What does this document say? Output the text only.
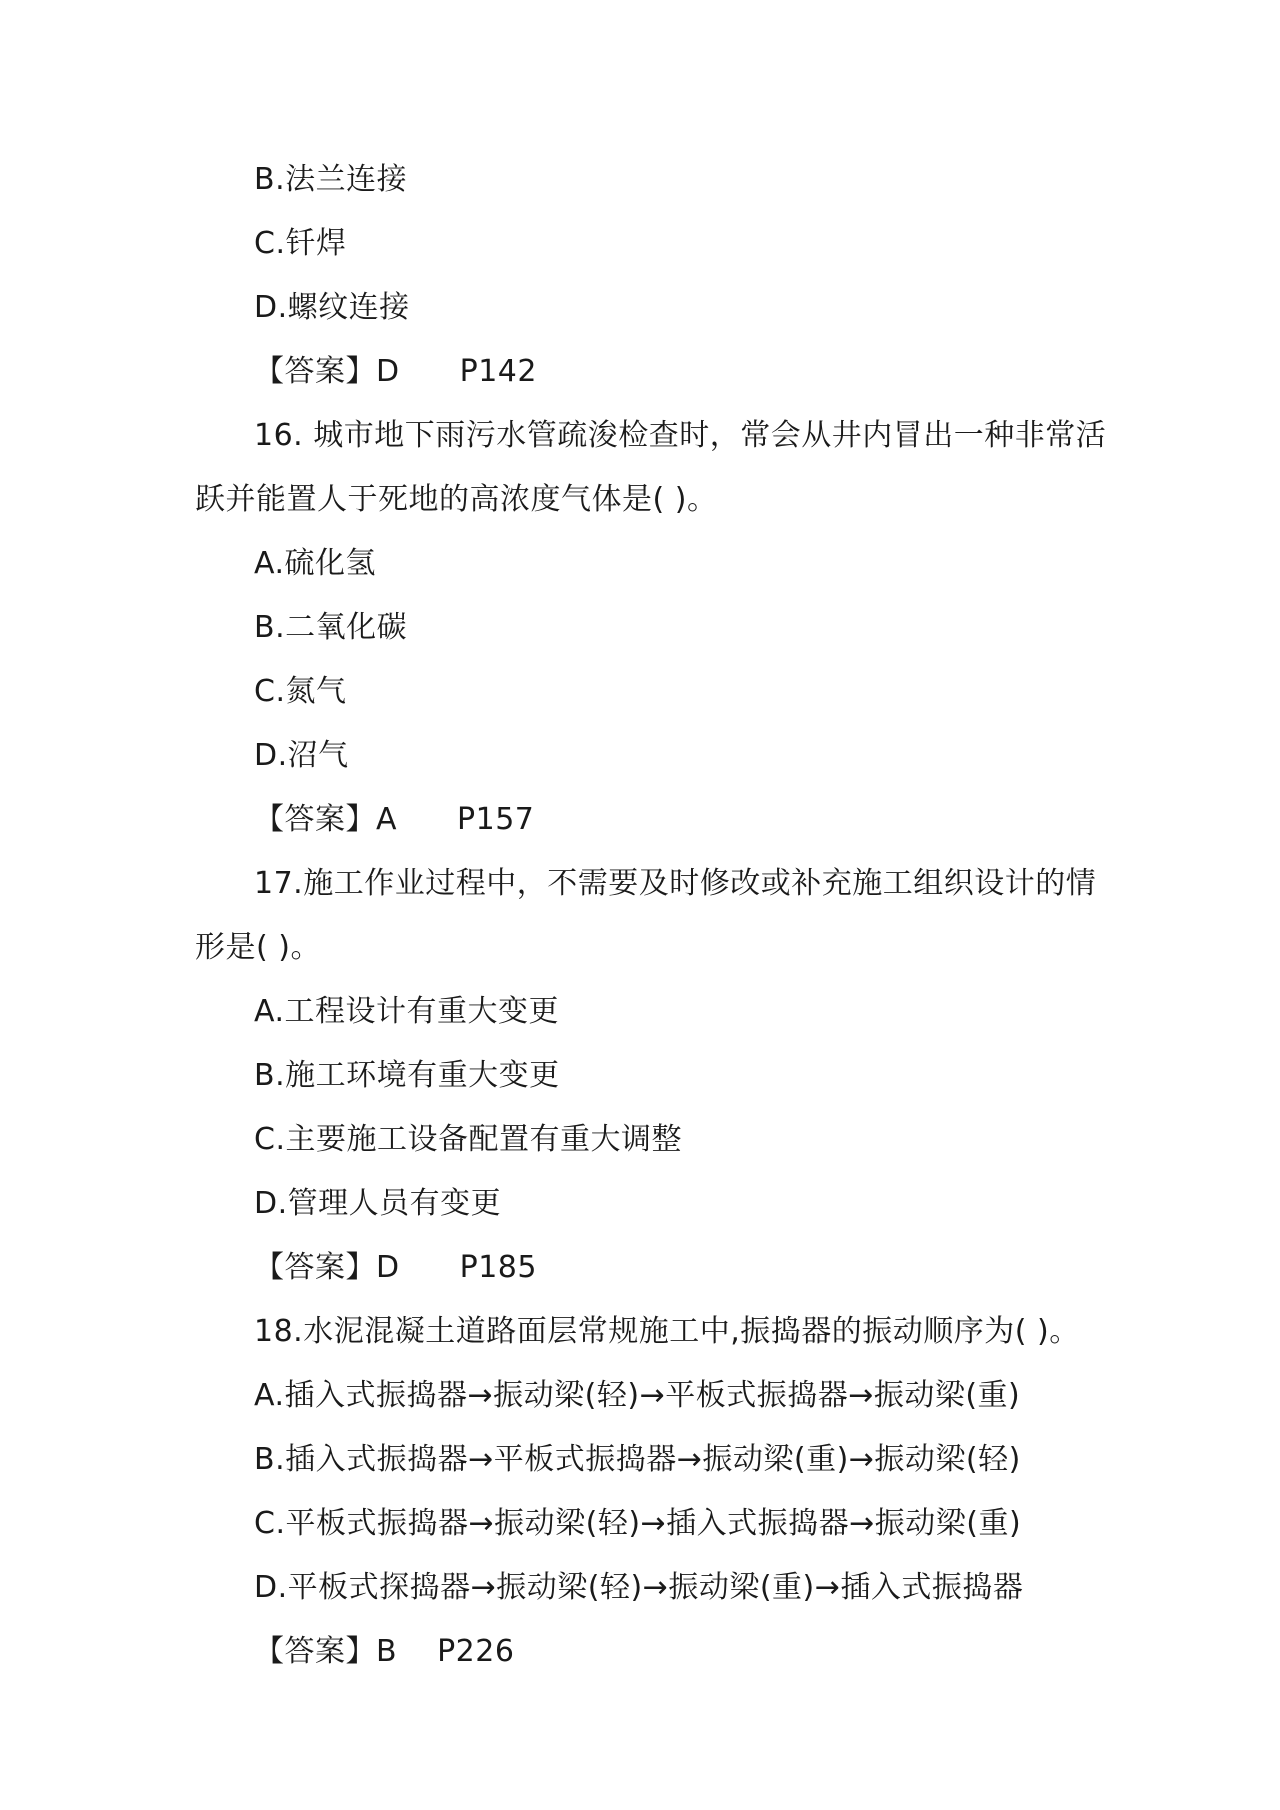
B.法兰连接
C.钎焊
D.螺纹连接
【答案】D P142
16. 城市地下雨污水管疏浚检查时，常会从井内冒出一种非常活
跃并能置人于死地的高浓度气体是( )。
A.硫化氢
B.二氧化碳
C.氮气
D.沼气
【答案】A P157
17.施工作业过程中，不需要及时修改或补充施工组织设计的情
形是( )。
A.工程设计有重大变更
B.施工环境有重大变更
C.主要施工设备配置有重大调整
D.管理人员有变更
【答案】D P185
18.水泥混凝土道路面层常规施工中,振捣器的振动顺序为( )。
A.插入式振捣器→振动梁(轻)→平板式振捣器→振动梁(重)
B.插入式振捣器→平板式振捣器→振动梁(重)→振动梁(轻)
C.平板式振捣器→振动梁(轻)→插入式振捣器→振动梁(重)
D.平板式探捣器→振动梁(轻)→振动梁(重)→插入式振捣器
【答案】B P226
